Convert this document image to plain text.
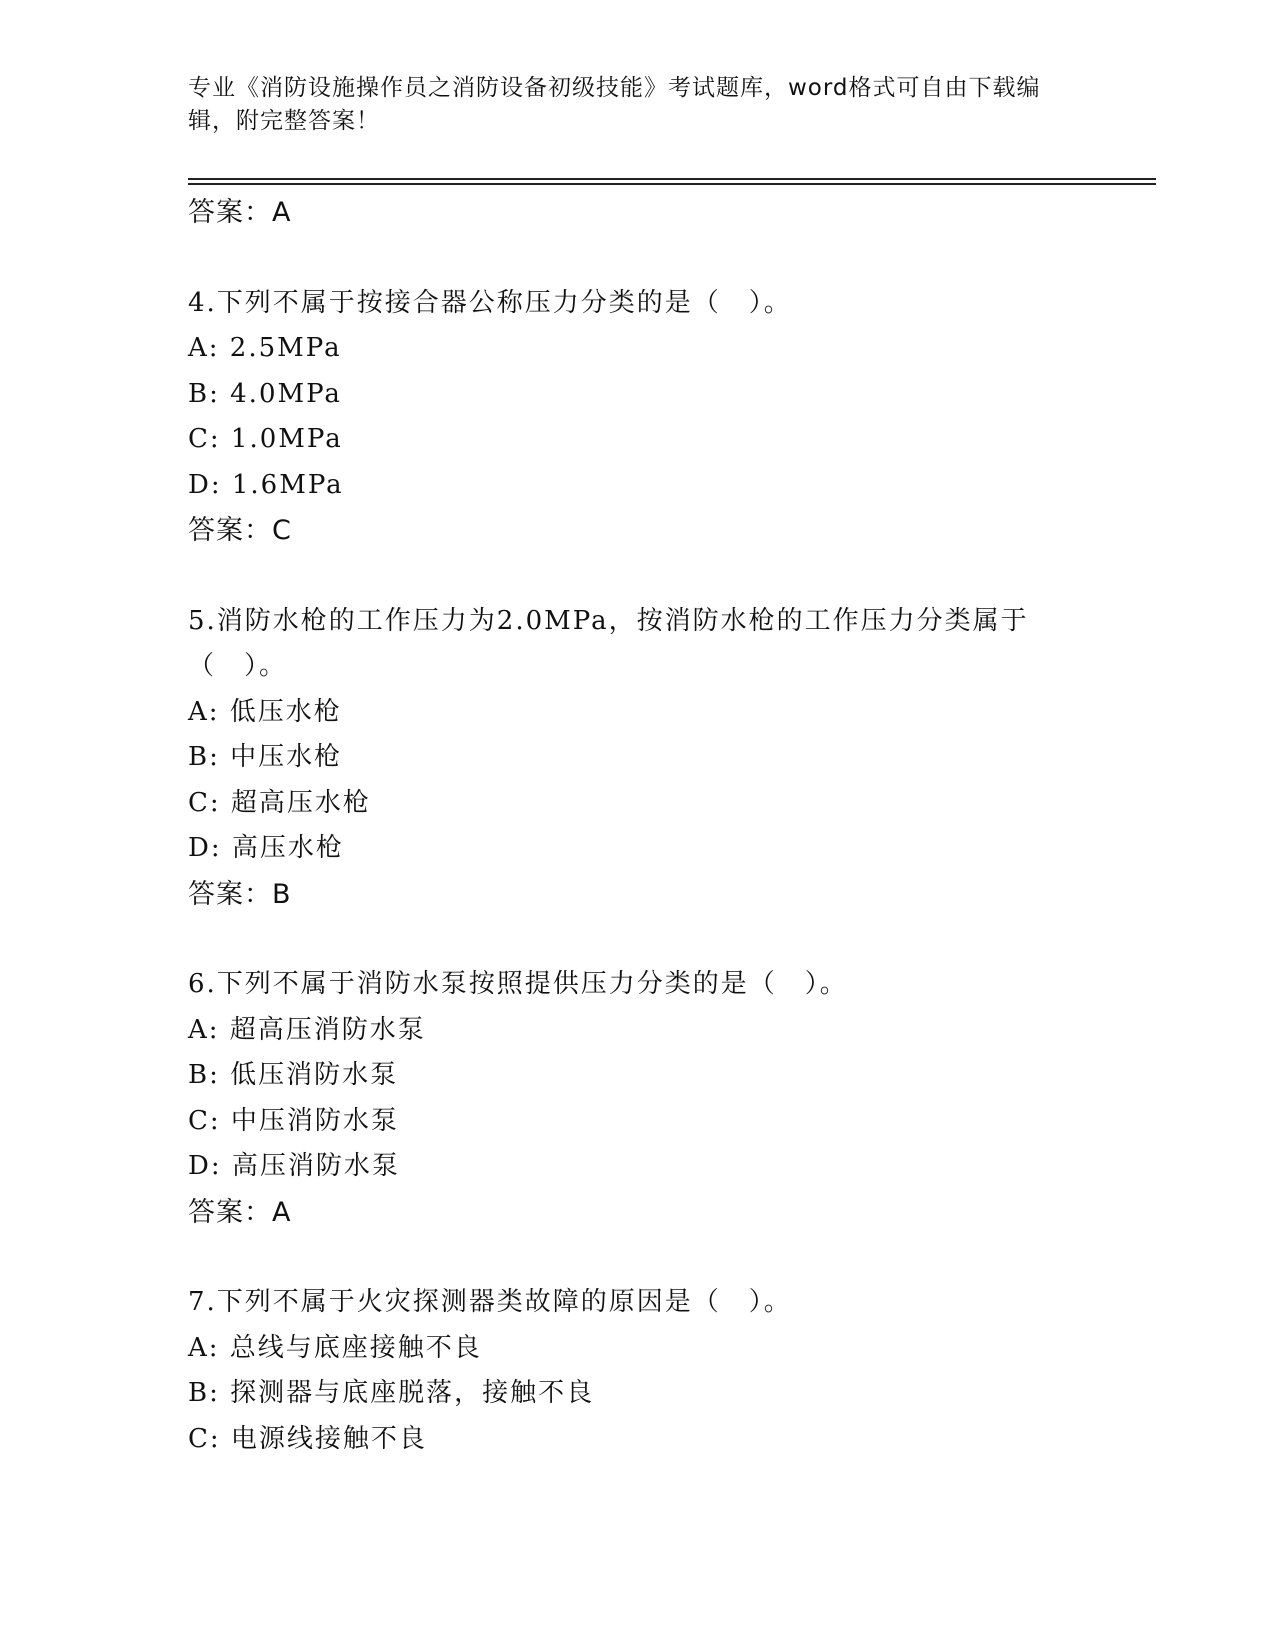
专业《消防设施操作员之消防设备初级技能》考试题库，word格式可自由下载编辑，附完整答案！
答案：A
4.下列不属于按接合器公称压力分类的是（　）。
A: 2.5MPa
B: 4.0MPa
C: 1.0MPa
D: 1.6MPa
答案：C
5.消防水枪的工作压力为2.0MPa，按消防水枪的工作压力分类属于（　）。
A: 低压水枪
B: 中压水枪
C: 超高压水枪
D: 高压水枪
答案：B
6.下列不属于消防水泵按照提供压力分类的是（　）。
A: 超高压消防水泵
B: 低压消防水泵
C: 中压消防水泵
D: 高压消防水泵
答案：A
7.下列不属于火灾探测器类故障的原因是（　）。
A: 总线与底座接触不良
B: 探测器与底座脱落，接触不良
C: 电源线接触不良
